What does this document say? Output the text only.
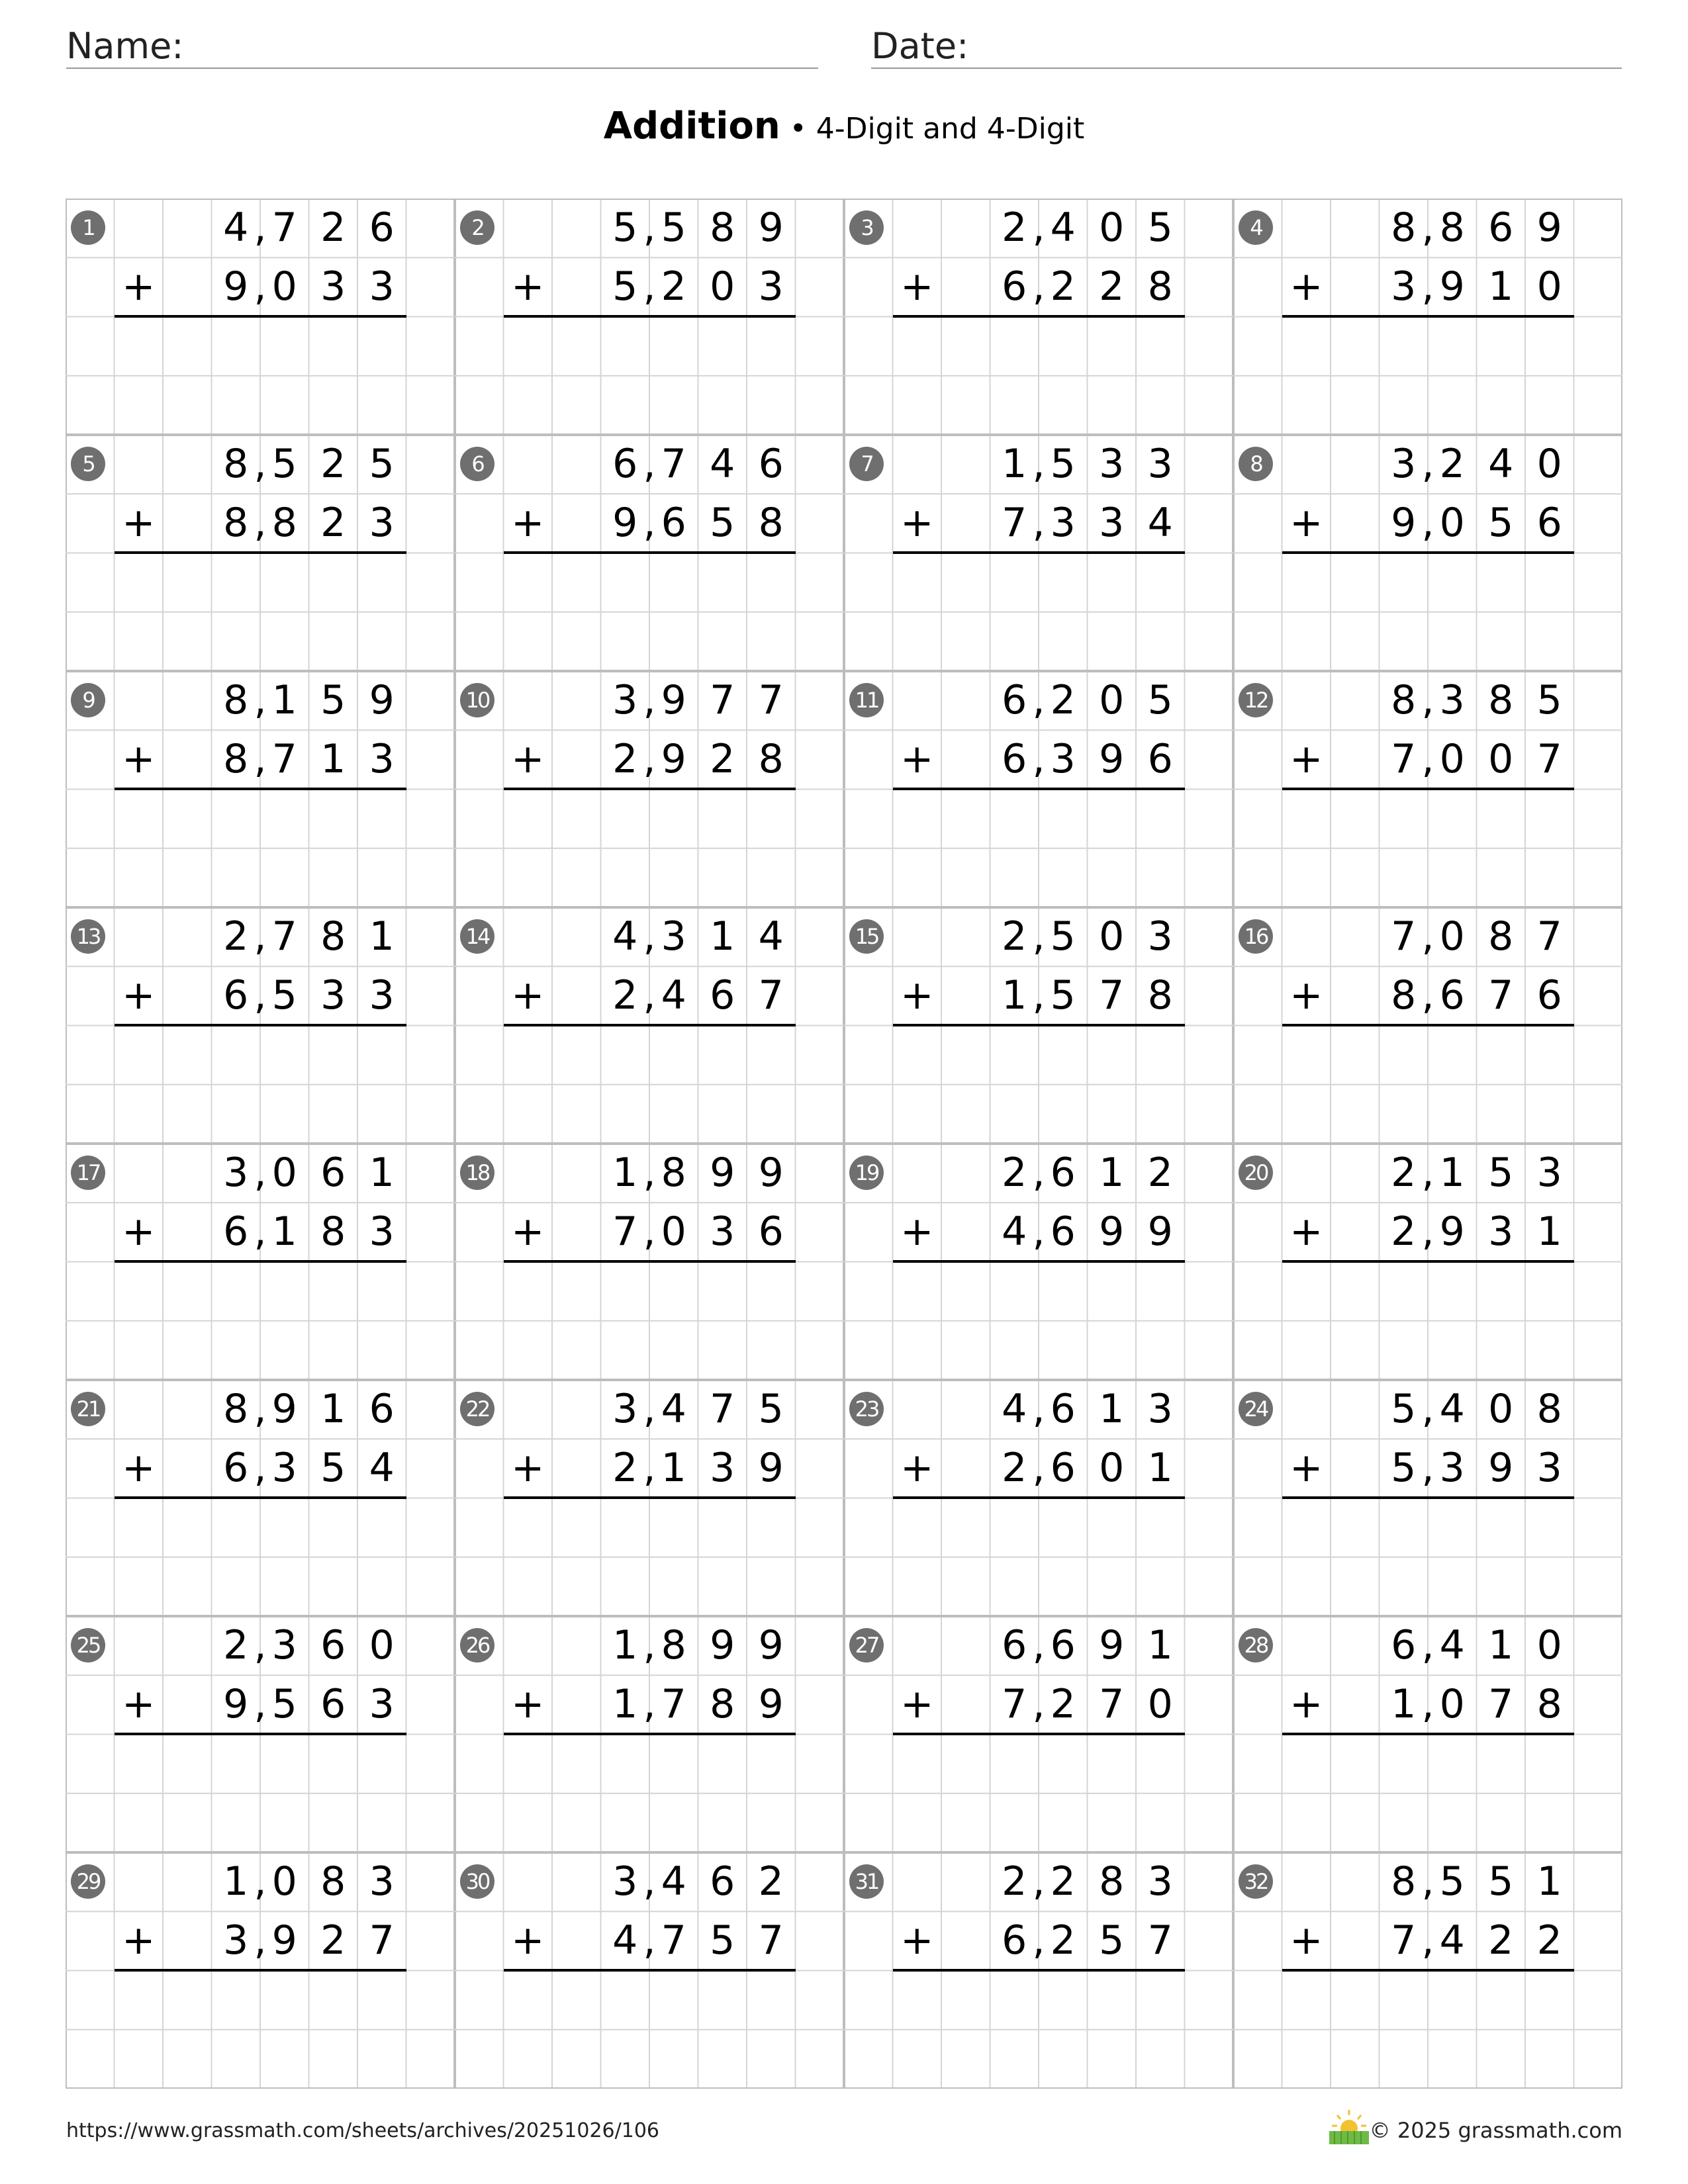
Name:	Date:
Addition • 4-Digit and 4-Digit
1	4 7 2 6
,
+ 9 0 3 3
,
2	5 5 8 9
,
+ 5 2 0 3
,
3	2 4 0 5
,
+ 6 2 2 8
,
4	8 8 6 9
,
+ 3 9 1 0
,
5	8 5 2 5
,
+ 8 8 2 3
,
6	6 7 4 6
,
+ 9 6 5 8
,
7	1 5 3 3
,
+ 7 3 3 4
,
8	3 2 4 0
,
+ 9 0 5 6
,
9	8 1 5 9
,
+ 8 7 1 3
,
10	3 9 7 7
,
+ 2 9 2 8
,
11	6 2 0 5
,
+ 6 3 9 6
,
12	8 3 8 5
,
+ 7 0 0 7
,
13	2 7 8 1
,
+ 6 5 3 3
,
14	4 3 1 4
,
+ 2 4 6 7
,
15	2 5 0 3
,
+ 1 5 7 8
,
16	7 0 8 7
,
+ 8 6 7 6
,
17	3 0 6 1
,
+ 6 1 8 3
,
18	1 8 9 9
,
+ 7 0 3 6
,
19	2 6 1 2
,
+ 4 6 9 9
,
20	2 1 5 3
,
+ 2 9 3 1
,
21	8 9 1 6
,
+ 6 3 5 4
,
22	3 4 7 5
,
+ 2 1 3 9
,
23	4 6 1 3
,
+ 2 6 0 1
,
24	5 4 0 8
,
+ 5 3 9 3
,
25	2 3 6 0
,
+ 9 5 6 3
,
26	1 8 9 9
,
+ 1 7 8 9
,
27	6 6 9 1
,
+ 7 2 7 0
,
28	6 4 1 0
,
+ 1 0 7 8
,
29	1 0 8 3
,
+ 3 9 2 7
,
30	3 4 6 2
,
+ 4 7 5 7
,
31	2 2 8 3
,
+ 6 2 5 7
,
32	8 5 5 1
,
+ 7 4 2 2
,
https://www.grassmath.com/sheets/archives/20251026/106	© 2025 grassmath.com
